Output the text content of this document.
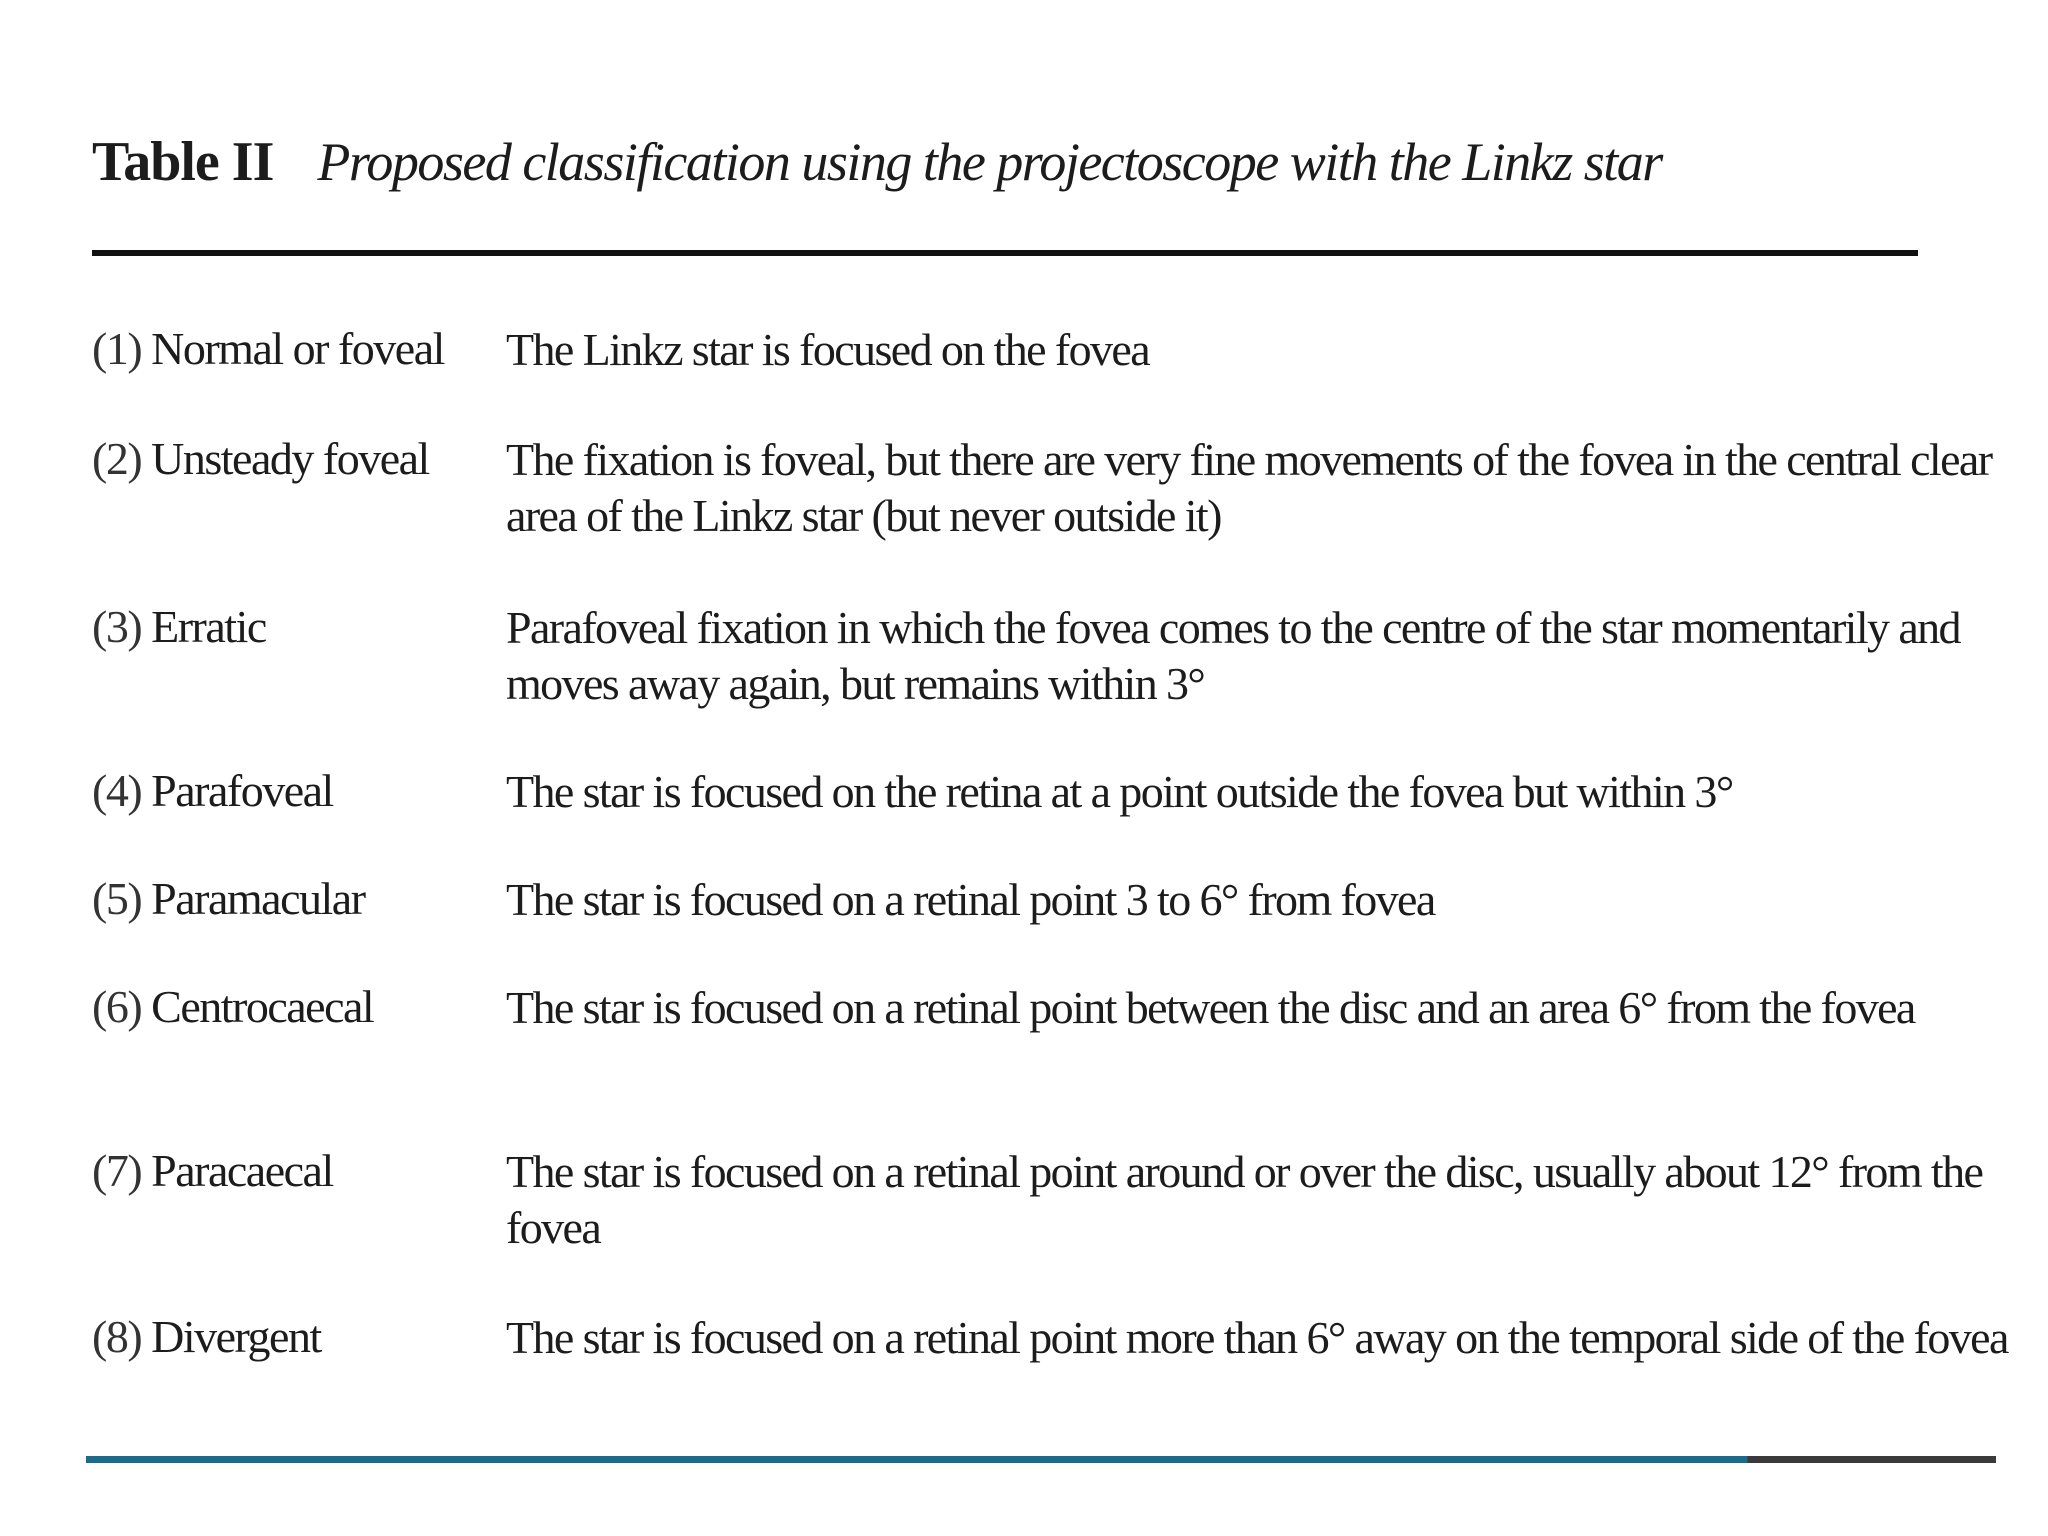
Table II Proposed classification using the projectoscope with the Linkz star
(1) Normal or foveal	The Linkz star is focused on the fovea
(2) Unsteady foveal	The fixation is foveal, but there are very fine movements of the fovea in the central clear area of the Linkz star (but never outside it)
(3) Erratic	Parafoveal fixation in which the fovea comes to the centre of the star momentarily and moves away again, but remains within 3°
(4) Parafoveal	The star is focused on the retina at a point outside the fovea but within 3°
(5) Paramacular	The star is focused on a retinal point 3 to 6° from fovea
(6) Centrocaecal	The star is focused on a retinal point between the disc and an area 6° from the fovea
(7) Paracaecal	The star is focused on a retinal point around or over the disc, usually about 12° from the fovea
(8) Divergent	The star is focused on a retinal point more than 6° away on the temporal side of the fovea
